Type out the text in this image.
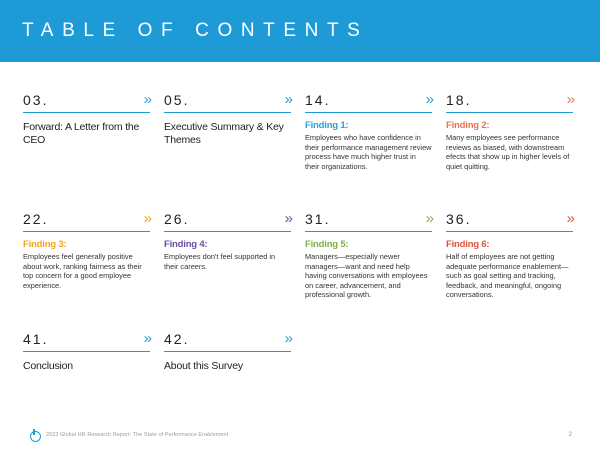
TABLE OF CONTENTS
03.	»
Forward: A Letter from the CEO
05.	»
Executive Summary & Key Themes
14.	»
Finding 1:
Employees who have confidence in their performance management review process have much higher trust in their organizations.
18.	»
Finding 2:
Many employees see performance reviews as biased, with downstream efects that show up in higher levels of quiet quitting.
22.	»
Finding 3:
Employees feel generally positive about work, ranking fairness as their top concern for a good employee experience.
26.	»
Finding 4:
Employees don't feel supported in their careers.
31.	»
Finding 5:
Managers—especially newer managers—want and need help having conversations with employees on career, advancement, and professional growth.
36.	»
Finding 6:
Half of employees are not getting adequate performance enablement—such as goal setting and tracking, feedback, and meaningful, ongoing conversations.
41.	»
Conclusion
42.	»
About this Survey
2023 Global HR Research Report: The State of Performance Enablement	2
